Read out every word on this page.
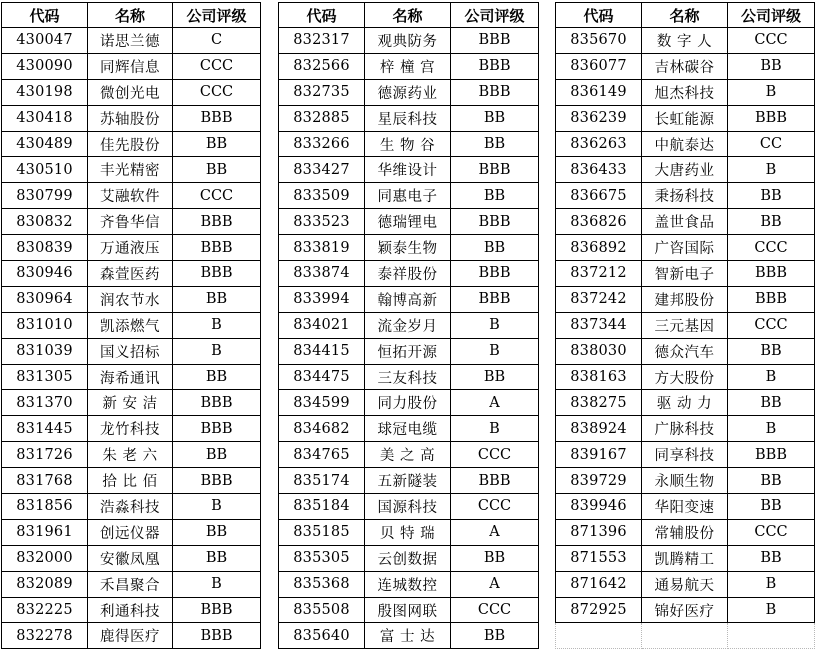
代码	名称	公司评级
430047	诺思兰德	C
430090	同辉信息	CCC
430198	微创光电	CCC
430418	苏轴股份	BBB
430489	佳先股份	BB
430510	丰光精密	BB
830799	艾融软件	CCC
830832	齐鲁华信	BBB
830839	万通液压	BBB
830946	森萱医药	BBB
830964	润农节水	BB
831010	凯添燃气	B
831039	国义招标	B
831305	海希通讯	BB
831370	新 安 洁	BBB
831445	龙竹科技	BBB
831726	朱 老 六	BB
831768	拾 比 佰	BBB
831856	浩淼科技	B
831961	创远仪器	BB
832000	安徽凤凰	BB
832089	禾昌聚合	B
832225	利通科技	BBB
832278	鹿得医疗	BBB
代码	名称	公司评级
832317	观典防务	BBB
832566	梓 橦 宫	BBB
832735	德源药业	BBB
832885	星辰科技	BB
833266	生 物 谷	BB
833427	华维设计	BBB
833509	同惠电子	BB
833523	德瑞锂电	BBB
833819	颖泰生物	BB
833874	泰祥股份	BBB
833994	翰博高新	BBB
834021	流金岁月	B
834415	恒拓开源	B
834475	三友科技	BB
834599	同力股份	A
834682	球冠电缆	B
834765	美 之 高	CCC
835174	五新隧装	BBB
835184	国源科技	CCC
835185	贝 特 瑞	A
835305	云创数据	BB
835368	连城数控	A
835508	殷图网联	CCC
835640	富 士 达	BB
代码	名称	公司评级
835670	数 字 人	CCC
836077	吉林碳谷	BB
836149	旭杰科技	B
836239	长虹能源	BBB
836263	中航泰达	CC
836433	大唐药业	B
836675	秉扬科技	BB
836826	盖世食品	BB
836892	广咨国际	CCC
837212	智新电子	BBB
837242	建邦股份	BBB
837344	三元基因	CCC
838030	德众汽车	BB
838163	方大股份	B
838275	驱 动 力	BB
838924	广脉科技	B
839167	同享科技	BBB
839729	永顺生物	BB
839946	华阳变速	BB
871396	常辅股份	CCC
871553	凯腾精工	BB
871642	通易航天	B
872925	锦好医疗	B
